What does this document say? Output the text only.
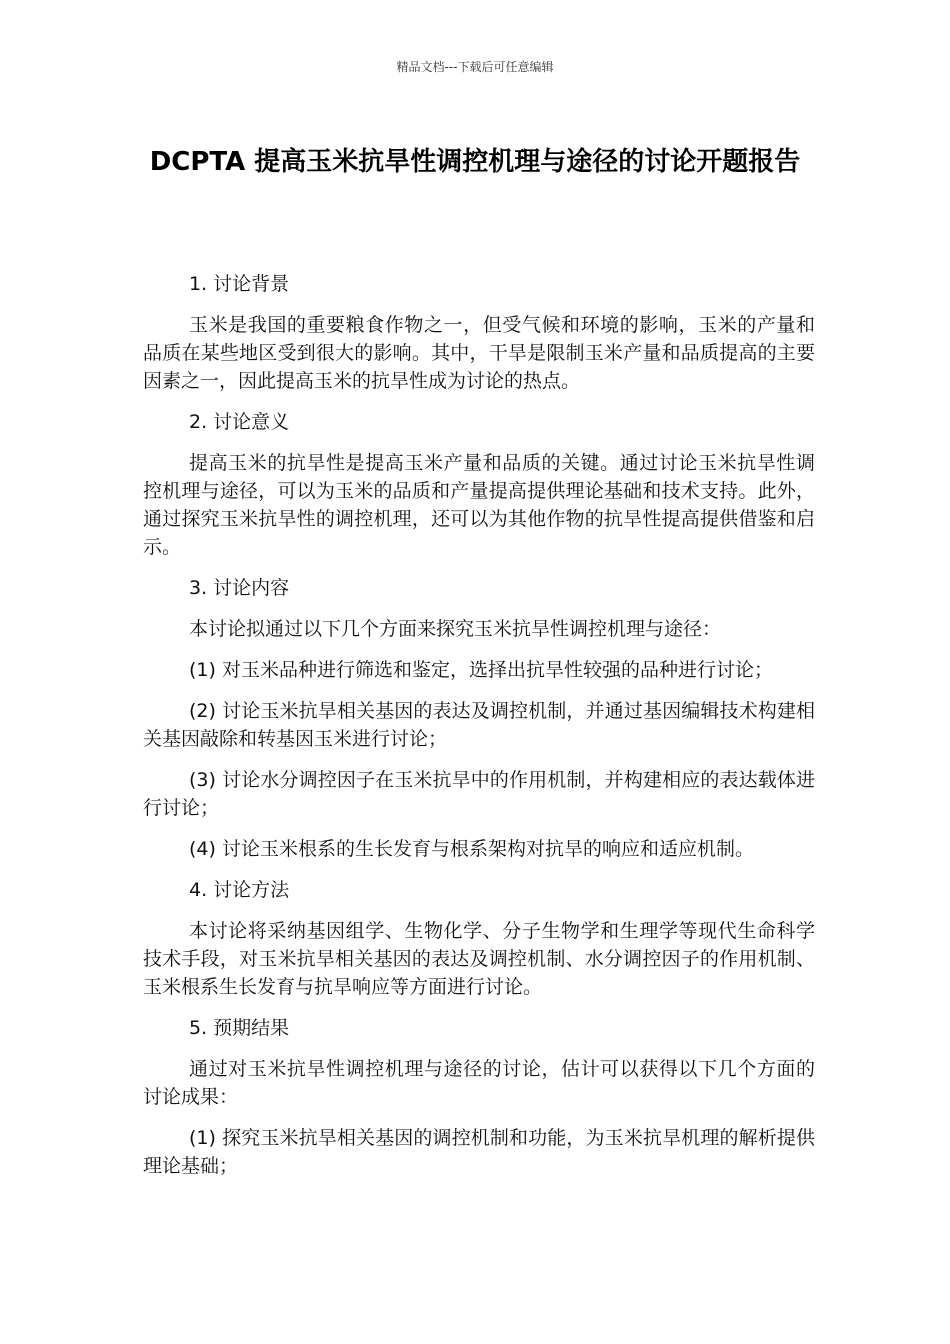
精品文档---下载后可任意编辑
DCPTA 提高玉米抗旱性调控机理与途径的讨论开题报告

1. 讨论背景

玉米是我国的重要粮食作物之一，但受气候和环境的影响，玉米的产量和品质在某些地区受到很大的影响。其中，干旱是限制玉米产量和品质提高的主要因素之一，因此提高玉米的抗旱性成为讨论的热点。

2. 讨论意义

提高玉米的抗旱性是提高玉米产量和品质的关键。通过讨论玉米抗旱性调控机理与途径，可以为玉米的品质和产量提高提供理论基础和技术支持。此外，通过探究玉米抗旱性的调控机理，还可以为其他作物的抗旱性提高提供借鉴和启示。

3. 讨论内容

本讨论拟通过以下几个方面来探究玉米抗旱性调控机理与途径：

(1) 对玉米品种进行筛选和鉴定，选择出抗旱性较强的品种进行讨论；

(2) 讨论玉米抗旱相关基因的表达及调控机制，并通过基因编辑技术构建相关基因敲除和转基因玉米进行讨论；

(3) 讨论水分调控因子在玉米抗旱中的作用机制，并构建相应的表达载体进行讨论；

(4) 讨论玉米根系的生长发育与根系架构对抗旱的响应和适应机制。

4. 讨论方法

本讨论将采纳基因组学、生物化学、分子生物学和生理学等现代生命科学技术手段，对玉米抗旱相关基因的表达及调控机制、水分调控因子的作用机制、玉米根系生长发育与抗旱响应等方面进行讨论。

5. 预期结果

通过对玉米抗旱性调控机理与途径的讨论，估计可以获得以下几个方面的讨论成果：

(1) 探究玉米抗旱相关基因的调控机制和功能，为玉米抗旱机理的解析提供理论基础；
